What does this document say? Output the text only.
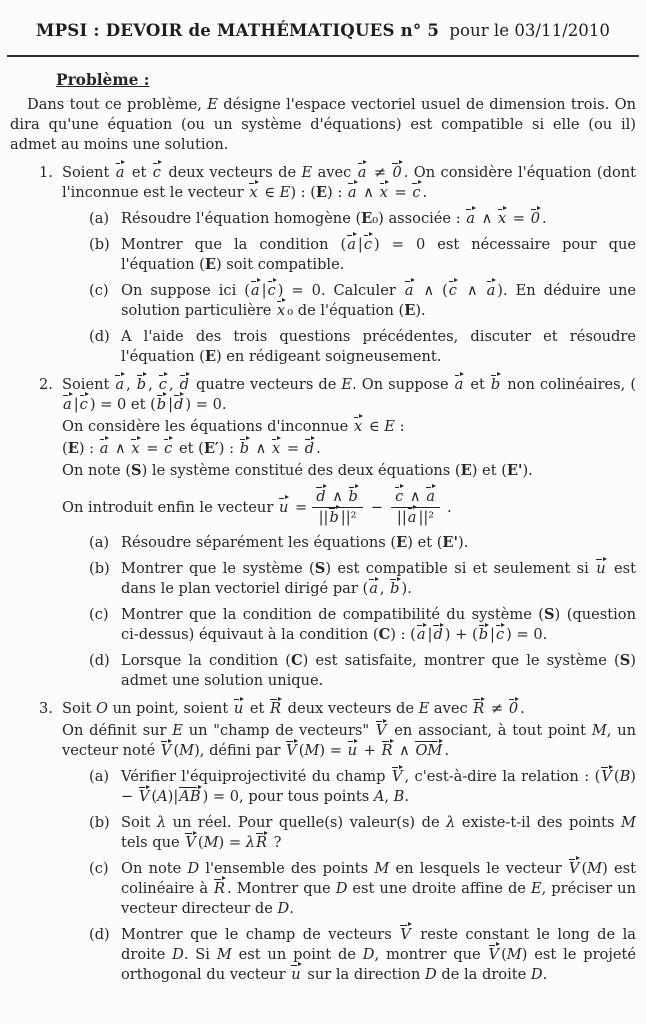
MPSI : DEVOIR de MATHÉMATIQUES n° 5 pour le 03/11/2010
Problème :

Dans tout ce problème, E désigne l'espace vectoriel usuel de dimension trois. On dira qu'une équation (ou un système d'équations) est compatible si elle (ou il) admet au moins une solution.

1. Soient a et c deux vecteurs de E avec a ≠ 0 . On considère l'équation (dont l'inconnue est le vecteur x ∈ E) : (E) : a ∧ x = c .

(a) Résoudre l'équation homogène (E₀) associée : a ∧ x = 0 .
(b) Montrer que la condition (a |c ) = 0 est nécessaire pour que l'équation (E) soit compatible.
(c) On suppose ici (a |c ) = 0. Calculer a ∧ (c ∧ a ). En déduire une solution particulière x ₀ de l'équation (E).
(d) A l'aide des trois questions précédentes, discuter et résoudre l'équation (E) en rédigeant soigneusement.
2. Soient a , b , c , d quatre vecteurs de E. On suppose a et b non colinéaires, (a |c ) = 0 et (b |d ) = 0.

On considère les équations d'inconnue x ∈ E :

(E) : a ∧ x = c et (E′) : b ∧ x = d .

On note (S) le système constitué des deux équations (E) et (E').

On introduit enfin le vecteur $u = \frac{d \wedge b}{\text{||b ||²}} - \frac{c \wedge a}{\text{||a ||²}}$ .
(a) Résoudre séparément les équations (E) et (E').
(b) Montrer que le système (S) est compatible si et seulement si u est dans le plan vectoriel dirigé par (a , b ).
(c) Montrer que la condition de compatibilité du système (S) (question ci-dessus) équivaut à la condition (C) : (a |d ) + (b |c ) = 0.
(d) Lorsque la condition (C) est satisfaite, montrer que le système (S) admet une solution unique.
3. Soit O un point, soient u et R deux vecteurs de E avec R ≠ 0 .

On définit sur E un "champ de vecteurs" V en associant, à tout point M, un vecteur noté V (M), défini par V (M) = u + R ∧ OM .

(a) Vérifier l'équiprojectivité du champ V , c'est-à-dire la relation : (V (B) − V (A)|AB ) = 0, pour tous points A, B.
(b) Soit λ un réel. Pour quelle(s) valeur(s) de λ existe-t-il des points M tels que V (M) = λR ?
(c) On note D l'ensemble des points M en lesquels le vecteur V (M) est colinéaire à R . Montrer que D est une droite affine de E, préciser un vecteur directeur de D.
(d) Montrer que le champ de vecteurs V reste constant le long de la droite D. Si M est un point de D, montrer que V (M) est le projeté orthogonal du vecteur u sur la direction D de la droite D.
